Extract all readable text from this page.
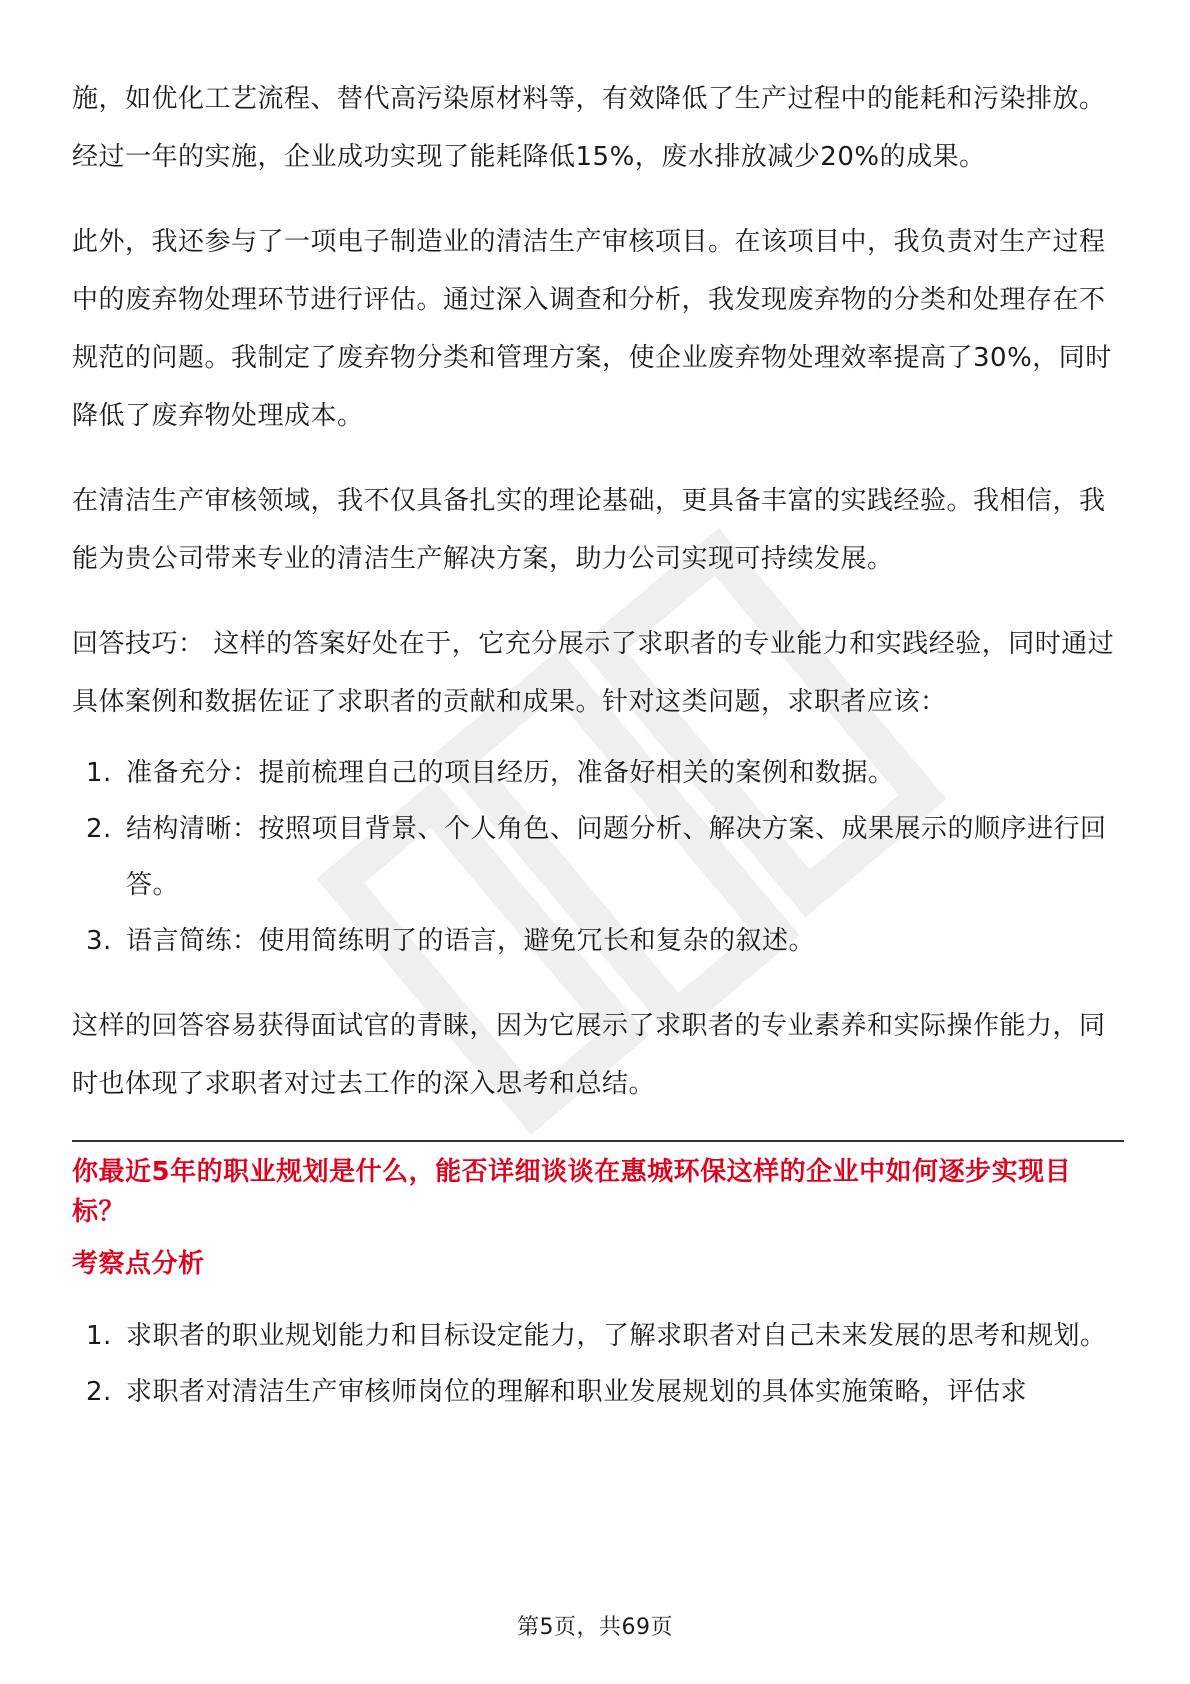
施，如优化工艺流程、替代高污染原材料等，有效降低了生产过程中的能耗和污染排放。经过一年的实施，企业成功实现了能耗降低15%，废水排放减少20%的成果。

此外，我还参与了一项电子制造业的清洁生产审核项目。在该项目中，我负责对生产过程中的废弃物处理环节进行评估。通过深入调查和分析，我发现废弃物的分类和处理存在不规范的问题。我制定了废弃物分类和管理方案，使企业废弃物处理效率提高了30%，同时降低了废弃物处理成本。

在清洁生产审核领域，我不仅具备扎实的理论基础，更具备丰富的实践经验。我相信，我能为贵公司带来专业的清洁生产解决方案，助力公司实现可持续发展。

回答技巧： 这样的答案好处在于，它充分展示了求职者的专业能力和实践经验，同时通过具体案例和数据佐证了求职者的贡献和成果。针对这类问题，求职者应该：

1. 准备充分：提前梳理自己的项目经历，准备好相关的案例和数据。
2. 结构清晰：按照项目背景、个人角色、问题分析、解决方案、成果展示的顺序进行回答。
3. 语言简练：使用简练明了的语言，避免冗长和复杂的叙述。

这样的回答容易获得面试官的青睐，因为它展示了求职者的专业素养和实际操作能力，同时也体现了求职者对过去工作的深入思考和总结。

你最近5年的职业规划是什么，能否详细谈谈在惠城环保这样的企业中如何逐步实现目标？
考察点分析
1. 求职者的职业规划能力和目标设定能力，了解求职者对自己未来发展的思考和规划。
2. 求职者对清洁生产审核师岗位的理解和职业发展规划的具体实施策略，评估求
第5页，共69页
